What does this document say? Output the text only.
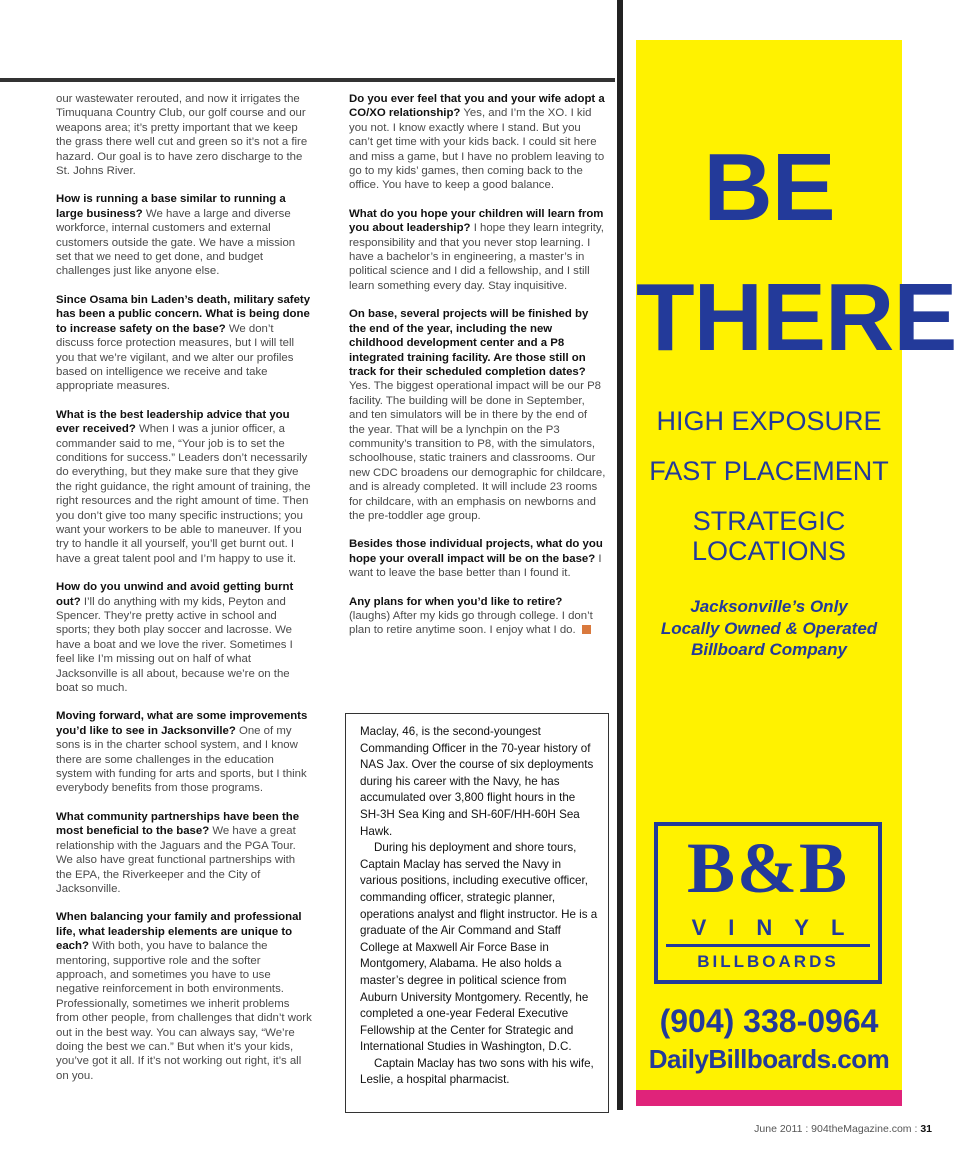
our wastewater rerouted, and now it irrigates the Timuquana Country Club, our golf course and our weapons area; it’s pretty important that we keep the grass there well cut and green so it’s not a fire hazard. Our goal is to have zero discharge to the St. Johns River.

How is running a base similar to running a large business? We have a large and diverse workforce, internal customers and external customers outside the gate. We have a mission set that we need to get done, and budget challenges just like anyone else.

Since Osama bin Laden’s death, military safety has been a public concern. What is being done to increase safety on the base? We don’t discuss force protection measures, but I will tell you that we’re vigilant, and we alter our profiles based on intelligence we receive and take appropriate measures.

What is the best leadership advice that you ever received? When I was a junior officer, a commander said to me, “Your job is to set the conditions for success.” Leaders don’t necessarily do everything, but they make sure that they give the right guidance, the right amount of training, the right resources and the right amount of time. Then you don’t give too many specific instructions; you want your workers to be able to maneuver. If you try to handle it all yourself, you’ll get burnt out. I have a great talent pool and I’m happy to use it.

How do you unwind and avoid getting burnt out? I’ll do anything with my kids, Peyton and Spencer. They’re pretty active in school and sports; they both play soccer and lacrosse. We have a boat and we love the river. Sometimes I feel like I’m missing out on half of what Jacksonville is all about, because we’re on the boat so much.

Moving forward, what are some improvements you’d like to see in Jacksonville? One of my sons is in the charter school system, and I know there are some challenges in the education system with funding for arts and sports, but I think everybody benefits from those programs.

What community partnerships have been the most beneficial to the base? We have a great relationship with the Jaguars and the PGA Tour. We also have great functional partnerships with the EPA, the Riverkeeper and the City of Jacksonville.

When balancing your family and professional life, what leadership elements are unique to each? With both, you have to balance the mentoring, supportive role and the softer approach, and sometimes you have to use negative reinforcement in both environments. Professionally, sometimes we inherit problems from other people, from challenges that didn’t work out in the best way. You can always say, “We’re doing the best we can.” But when it’s your kids, you’ve got it all. If it’s not working out right, it’s all on you.

Do you ever feel that you and your wife adopt a CO/XO relationship? Yes, and I’m the XO. I kid you not. I know exactly where I stand. But you can’t get time with your kids back. I could sit here and miss a game, but I have no problem leaving to go to my kids’ games, then coming back to the office. You have to keep a good balance.

What do you hope your children will learn from you about leadership? I hope they learn integrity, responsibility and that you never stop learning. I have a bachelor’s in engineering, a master’s in political science and I did a fellowship, and I still learn something every day. Stay inquisitive.

On base, several projects will be finished by the end of the year, including the new childhood development center and a P8 integrated training facility. Are those still on track for their scheduled completion dates? Yes. The biggest operational impact will be our P8 facility. The building will be done in September, and ten simulators will be in there by the end of the year. That will be a lynchpin on the P3 community’s transition to P8, with the simulators, schoolhouse, static trainers and classrooms. Our new CDC broadens our demographic for childcare, and is already completed. It will include 23 rooms for childcare, with an emphasis on newborns and the pre-toddler age group.

Besides those individual projects, what do you hope your overall impact will be on the base? I want to leave the base better than I found it.

Any plans for when you’d like to retire? (laughs) After my kids go through college. I don’t plan to retire anytime soon. I enjoy what I do.

Maclay, 46, is the second-youngest Commanding Officer in the 70-year history of NAS Jax. Over the course of six deployments during his career with the Navy, he has accumulated over 3,800 flight hours in the SH-3H Sea King and SH-60F/HH-60H Sea Hawk.

During his deployment and shore tours, Captain Maclay has served the Navy in various positions, including executive officer, commanding officer, strategic planner, operations analyst and flight instructor. He is a graduate of the Air Command and Staff College at Maxwell Air Force Base in Montgomery, Alabama. He also holds a master’s degree in political science from Auburn University Montgomery. Recently, he completed a one-year Federal Executive Fellowship at the Center for Strategic and International Studies in Washington, D.C.

Captain Maclay has two sons with his wife, Leslie, a hospital pharmacist.

BE
THERE
HIGH EXPOSURE
FAST PLACEMENT
STRATEGIC LOCATIONS
Jacksonville’s Only
Locally Owned & Operated
Billboard Company
B&B
VINYL
BILLBOARDS
(904) 338-0964
DailyBillboards.com
June 2011 : 904theMagazine.com : 31
